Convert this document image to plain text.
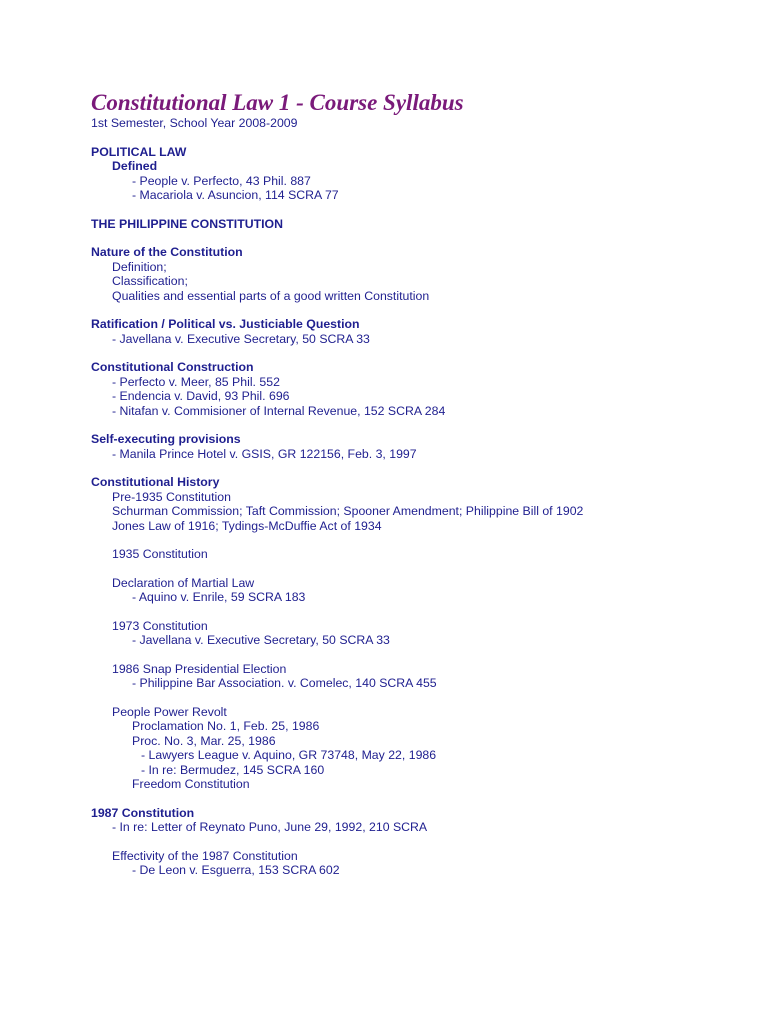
Constitutional Law 1 - Course Syllabus
1st Semester, School Year 2008-2009
POLITICAL LAW
Defined
- People v. Perfecto, 43 Phil. 887
- Macariola v. Asuncion, 114 SCRA 77
THE PHILIPPINE CONSTITUTION
Nature of the Constitution
Definition;
Classification;
Qualities and essential parts of a good written Constitution
Ratification / Political vs. Justiciable Question
- Javellana v. Executive Secretary, 50 SCRA 33
Constitutional Construction
- Perfecto v. Meer, 85 Phil. 552
- Endencia v. David, 93 Phil. 696
- Nitafan v. Commisioner of Internal Revenue, 152 SCRA 284
Self-executing provisions
- Manila Prince Hotel v. GSIS, GR 122156, Feb. 3, 1997
Constitutional History
Pre-1935 Constitution
Schurman Commission; Taft Commission; Spooner Amendment; Philippine Bill of 1902
Jones Law of 1916; Tydings-McDuffie Act of 1934
1935 Constitution
Declaration of Martial Law
- Aquino v. Enrile, 59 SCRA 183
1973 Constitution
- Javellana v. Executive Secretary, 50 SCRA 33
1986 Snap Presidential Election
- Philippine Bar Association. v. Comelec, 140 SCRA 455
People Power Revolt
Proclamation No. 1, Feb. 25, 1986
Proc. No. 3, Mar. 25, 1986
- Lawyers League v. Aquino, GR 73748, May 22, 1986
- In re: Bermudez, 145 SCRA 160
Freedom Constitution
1987 Constitution
- In re: Letter of Reynato Puno, June 29, 1992, 210 SCRA
Effectivity of the 1987 Constitution
- De Leon v. Esguerra, 153 SCRA 602
